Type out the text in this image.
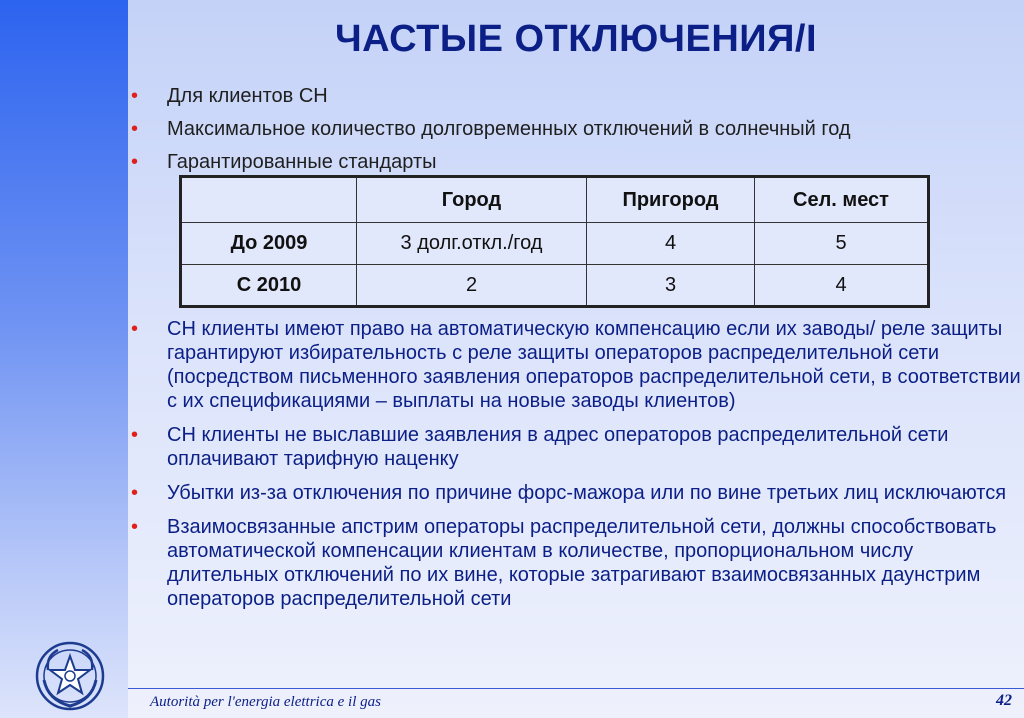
ЧАСТЫЕ ОТКЛЮЧЕНИЯ/I
• Для клиентов СН
• Максимальное количество долговременных отключений в солнечный год
• Гарантированные стандарты
	Город	Пригород	Сел. мест
До 2009	3 долг.откл./год	4	5
С 2010	2	3	4
• СН клиенты имеют право на автоматическую компенсацию если их заводы/ реле защиты гарантируют избирательность с реле защиты операторов распределительной сети (посредством письменного заявления операторов распределительной сети, в соответствии с их спецификациями – выплаты на новые заводы клиентов)
• СН клиенты не выславшие заявления в адрес операторов распределительной сети оплачивают тарифную наценку
• Убытки из-за отключения по причине форс-мажора или по вине третьих лиц исключаются
• Взаимосвязанные апстрим операторы распределительной сети, должны способствовать автоматической компенсации клиентам в количестве, пропорциональном числу длительных отключений по их вине, которые затрагивают взаимосвязанных даунстрим операторов распределительной сети
Autorità per l'energia elettrica e il gas	42
